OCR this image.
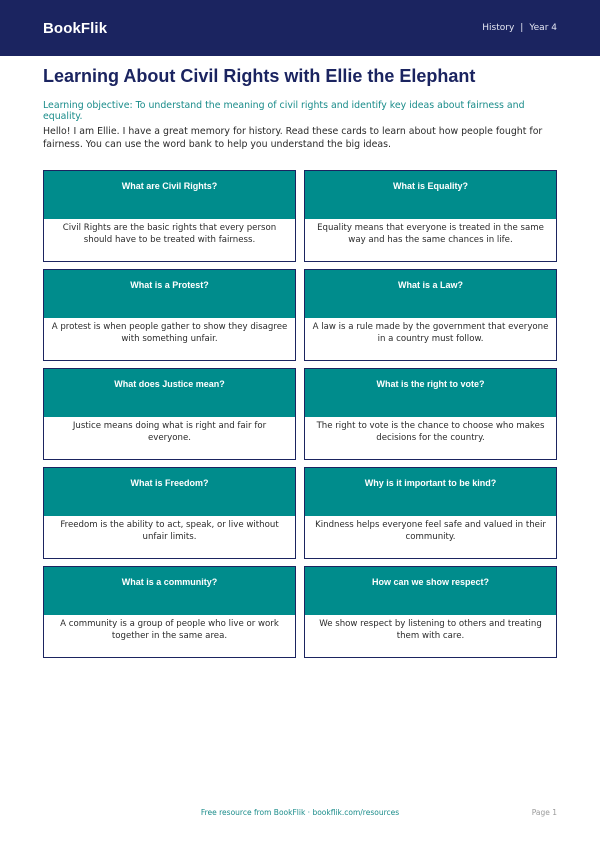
BookFlik	History | Year 4
Learning About Civil Rights with Ellie the Elephant

Learning objective: To understand the meaning of civil rights and identify key ideas about fairness and equality.

Hello! I am Ellie. I have a great memory for history. Read these cards to learn about how people fought for fairness. You can use the word bank to help you understand the big ideas.

What are Civil Rights?
Civil Rights are the basic rights that every person should have to be treated with fairness.
What is Equality?
Equality means that everyone is treated in the same way and has the same chances in life.
What is a Protest?
A protest is when people gather to show they disagree with something unfair.
What is a Law?
A law is a rule made by the government that everyone in a country must follow.
What does Justice mean?
Justice means doing what is right and fair for everyone.
What is the right to vote?
The right to vote is the chance to choose who makes decisions for the country.
What is Freedom?
Freedom is the ability to act, speak, or live without unfair limits.
Why is it important to be kind?
Kindness helps everyone feel safe and valued in their community.
What is a community?
A community is a group of people who live or work together in the same area.
How can we show respect?
We show respect by listening to others and treating them with care.
Free resource from BookFlik · bookflik.com/resources	Page 1
